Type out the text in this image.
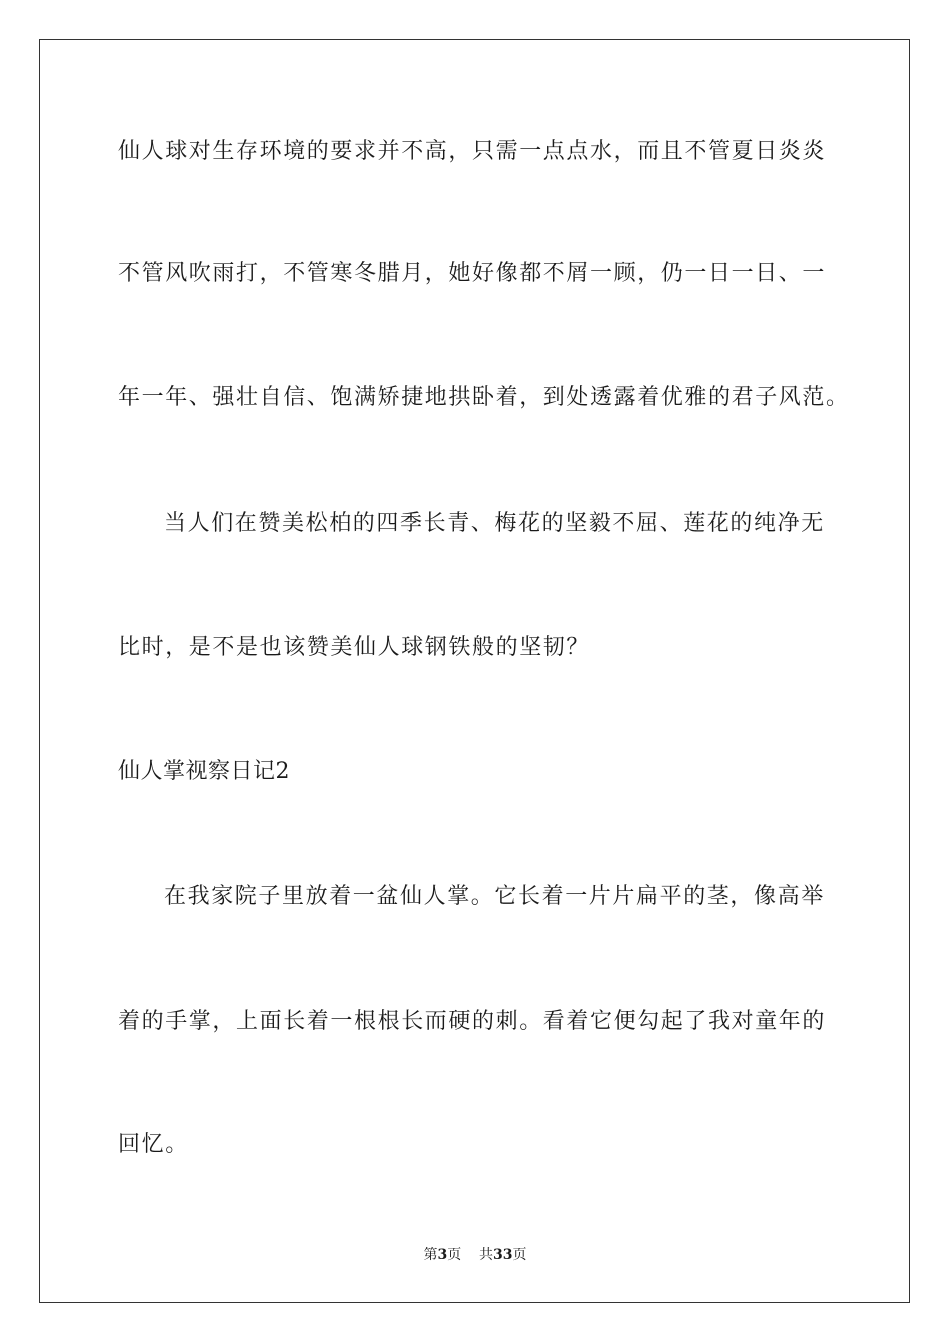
仙人球对生存环境的要求并不高，只需一点点水，而且不管夏日炎炎
不管风吹雨打，不管寒冬腊月，她好像都不屑一顾，仍一日一日、一
年一年、强壮自信、饱满矫捷地拱卧着，到处透露着优雅的君子风范。
当人们在赞美松柏的四季长青、梅花的坚毅不屈、莲花的纯净无
比时，是不是也该赞美仙人球钢铁般的坚韧？
仙人掌视察日记2
在我家院子里放着一盆仙人掌。它长着一片片扁平的茎，像高举
着的手掌，上面长着一根根长而硬的刺。看着它便勾起了我对童年的
回忆。
第3页 共33页
